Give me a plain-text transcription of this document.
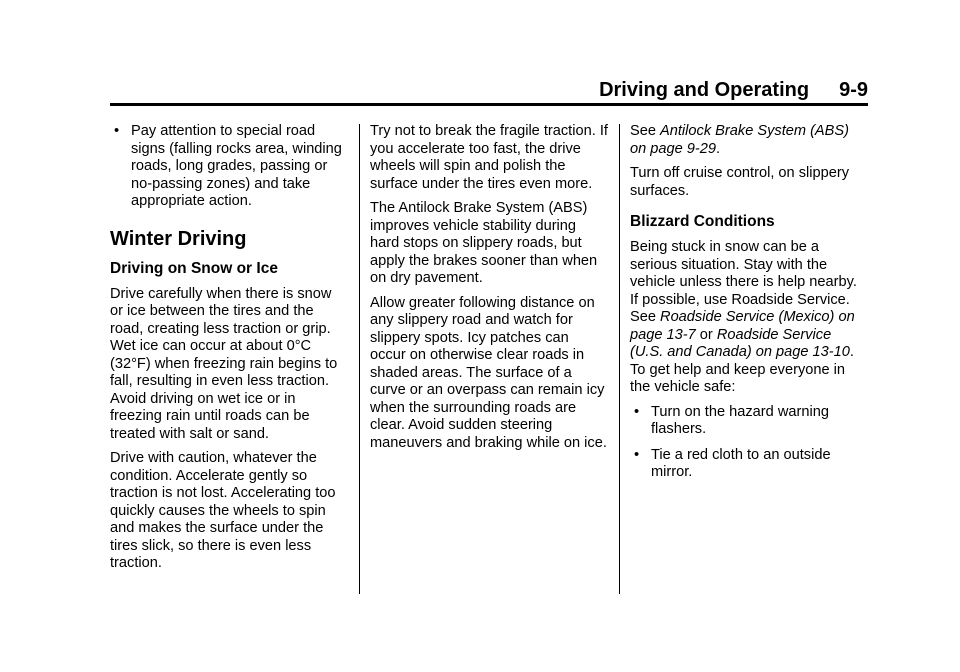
Driving and Operating 9-9
• Pay attention to special road signs (falling rocks area, winding roads, long grades, passing or no-passing zones) and take appropriate action.
Winter Driving
Driving on Snow or Ice

Drive carefully when there is snow or ice between the tires and the road, creating less traction or grip. Wet ice can occur at about 0°C (32°F) when freezing rain begins to fall, resulting in even less traction. Avoid driving on wet ice or in freezing rain until roads can be treated with salt or sand.

Drive with caution, whatever the condition. Accelerate gently so traction is not lost. Accelerating too quickly causes the wheels to spin and makes the surface under the tires slick, so there is even less traction.

Try not to break the fragile traction. If you accelerate too fast, the drive wheels will spin and polish the surface under the tires even more.

The Antilock Brake System (ABS) improves vehicle stability during hard stops on slippery roads, but apply the brakes sooner than when on dry pavement.

Allow greater following distance on any slippery road and watch for slippery spots. Icy patches can occur on otherwise clear roads in shaded areas. The surface of a curve or an overpass can remain icy when the surrounding roads are clear. Avoid sudden steering maneuvers and braking while on ice.

See Antilock Brake System (ABS) on page 9-29.

Turn off cruise control, on slippery surfaces.

Blizzard Conditions

Being stuck in snow can be a serious situation. Stay with the vehicle unless there is help nearby. If possible, use Roadside Service. See Roadside Service (Mexico) on page 13-7 or Roadside Service (U.S. and Canada) on page 13-10. To get help and keep everyone in the vehicle safe:

• Turn on the hazard warning flashers.
• Tie a red cloth to an outside mirror.
